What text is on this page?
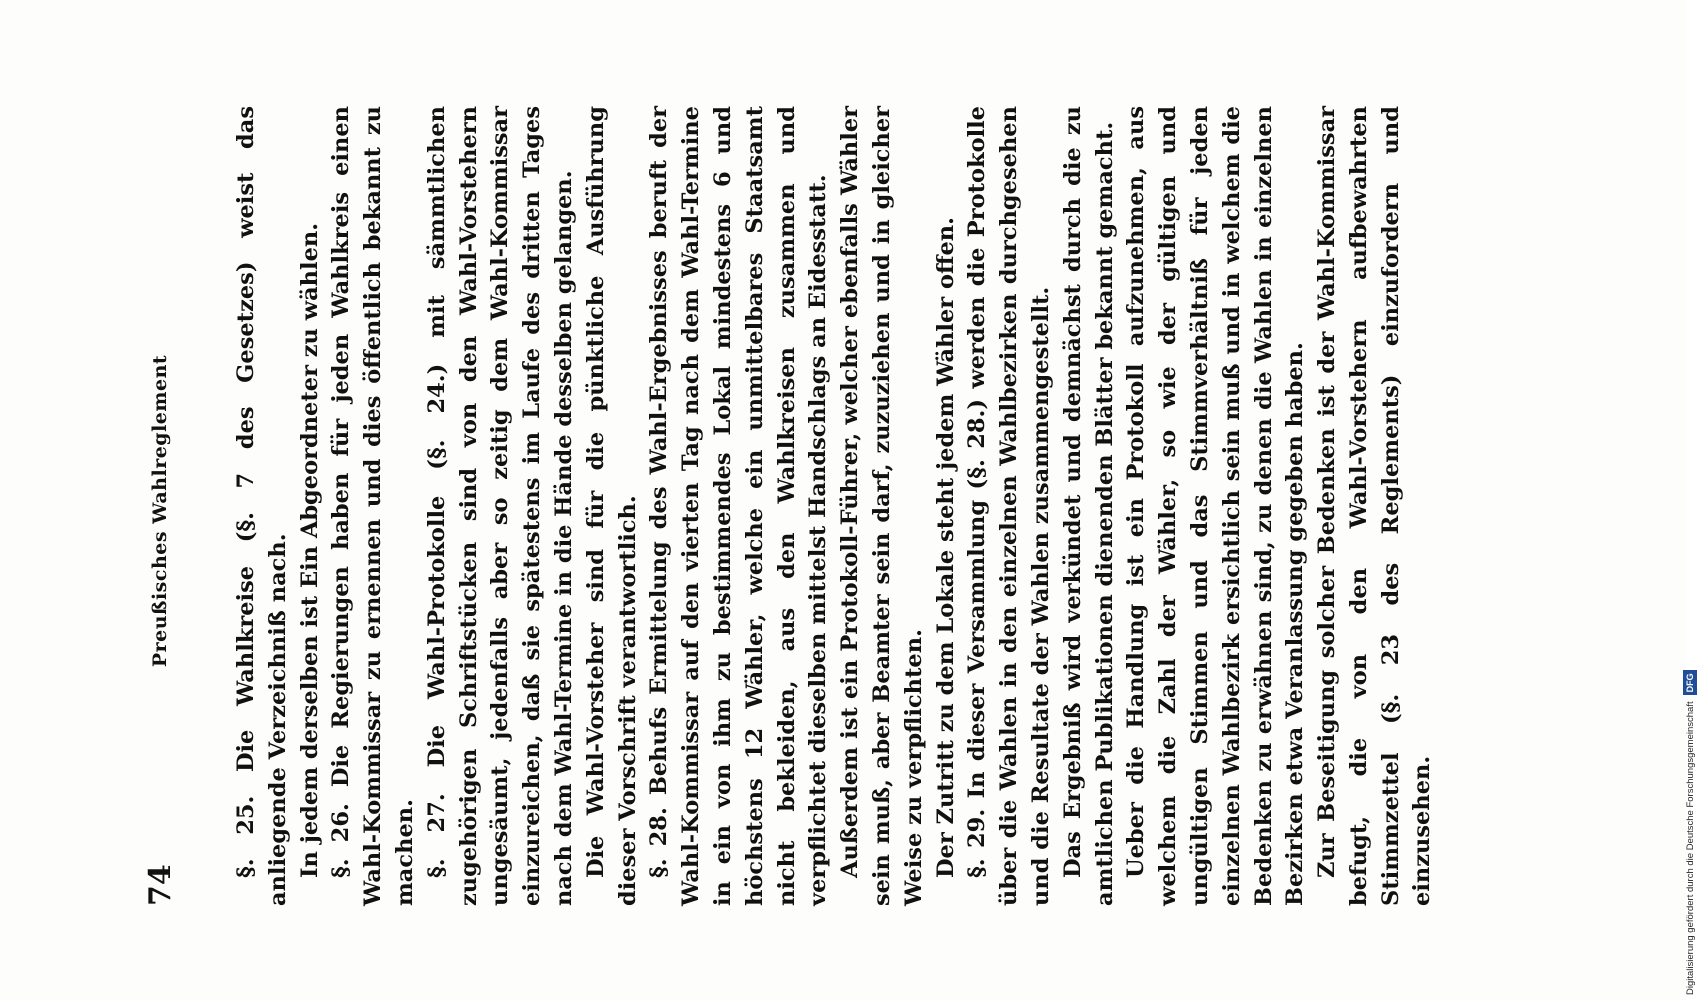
74
Preußisches Wahlreglement	§. 25. Die Wahlkreise (§. 7 des Gesetzes) weist das anliegende Verzeichniß nach. In jedem derselben ist Ein Abgeordneter zu wählen. §. 26. Die Regierungen haben für jeden Wahlkreis einen Wahl-Kommissar zu ernennen und dies öffentlich bekannt zu machen. §. 27. Die Wahl-Protokolle (§. 24.) mit sämmtlichen zugehörigen Schriftstücken sind von den Wahl-Vorstehern ungesäumt, jedenfalls aber so zeitig dem Wahl-Kommissar einzureichen, daß sie spätestens im Laufe des dritten Tages nach dem Wahl-Termine in die Hände desselben gelangen. Die Wahl-Vorsteher sind für die pünktliche Ausführung dieser Vorschrift verantwortlich. §. 28. Behufs Ermittelung des Wahl-Ergebnisses beruft der Wahl-Kommissar auf den vierten Tag nach dem Wahl-Termine in ein von ihm zu bestimmendes Lokal mindestens 6 und höchstens 12 Wähler, welche ein unmittelbares Staatsamt nicht bekleiden, aus den Wahlkreisen zusammen und verpflichtet dieselben mittelst Handschlags an Eidesstatt. Außerdem ist ein Protokoll-Führer, welcher ebenfalls Wähler sein muß, aber Beamter sein darf, zuzuziehen und in gleicher Weise zu verpflichten. Der Zutritt zu dem Lokale steht jedem Wähler offen. §. 29. In dieser Versammlung (§. 28.) werden die Protokolle über die Wahlen in den einzelnen Wahlbezirken durchgesehen und die Resultate der Wahlen zusammengestellt. Das Ergebniß wird verkündet und demnächst durch die zu amtlichen Publikationen dienenden Blätter bekannt gemacht. Ueber die Handlung ist ein Protokoll aufzunehmen, aus welchem die Zahl der Wähler, so wie der gültigen und ungültigen Stimmen und das Stimmverhältniß für jeden einzelnen Wahlbezirk ersichtlich sein muß und in welchem die Bedenken zu erwähnen sind, zu denen die Wahlen in einzelnen Bezirken etwa Veranlassung gegeben haben. Zur Beseitigung solcher Bedenken ist der Wahl-Kommissar befugt, die von den Wahl-Vorstehern aufbewahrten Stimmzettel (§. 23 des Reglements) einzufordern und einzusehen.	Digitalisierung gefördert durch die Deutsche Forschungsgemeinschaft
DFG
